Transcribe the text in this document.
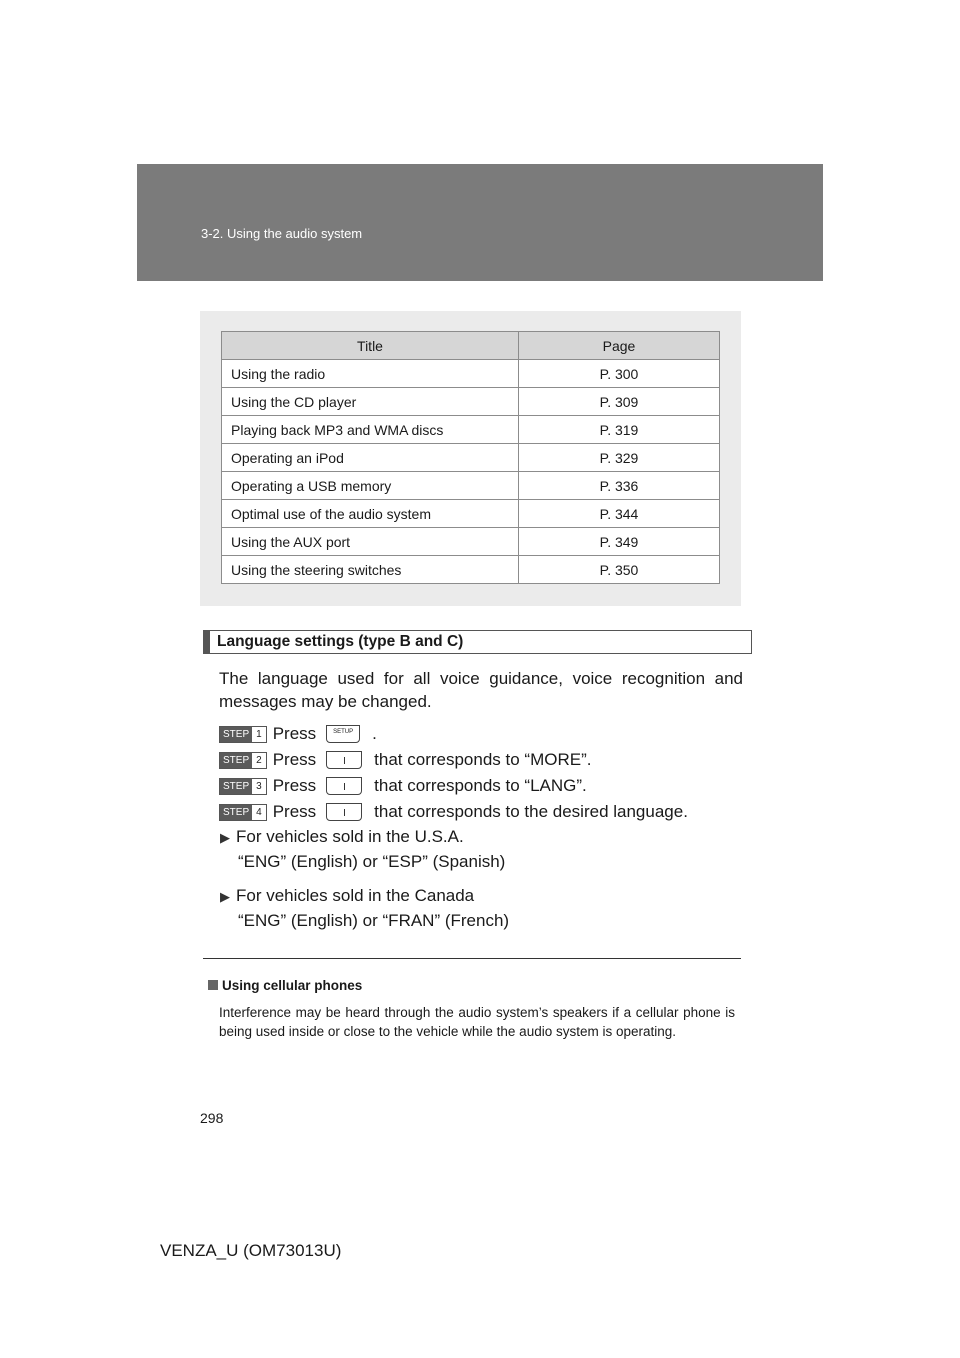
3-2. Using the audio system
Title	Page
Using the radio	P. 300
Using the CD player	P. 309
Playing back MP3 and WMA discs	P. 319
Operating an iPod	P. 329
Operating a USB memory	P. 336
Optimal use of the audio system	P. 344
Using the AUX port	P. 349
Using the steering switches	P. 350
Language settings (type B and C)
The language used for all voice guidance, voice recognition and messages may be changed.
STEP 1 Press	SETUP	.
STEP 2 Press	that corresponds to “MORE”.
STEP 3 Press	that corresponds to “LANG”.
STEP 4 Press	that corresponds to the desired language.
▶ For vehicles sold in the U.S.A.
“ENG” (English) or “ESP” (Spanish)
▶ For vehicles sold in the Canada
“ENG” (English) or “FRAN” (French)
Using cellular phones
Interference may be heard through the audio system’s speakers if a cellular phone is being used inside or close to the vehicle while the audio system is operating.
298
VENZA_U (OM73013U)
